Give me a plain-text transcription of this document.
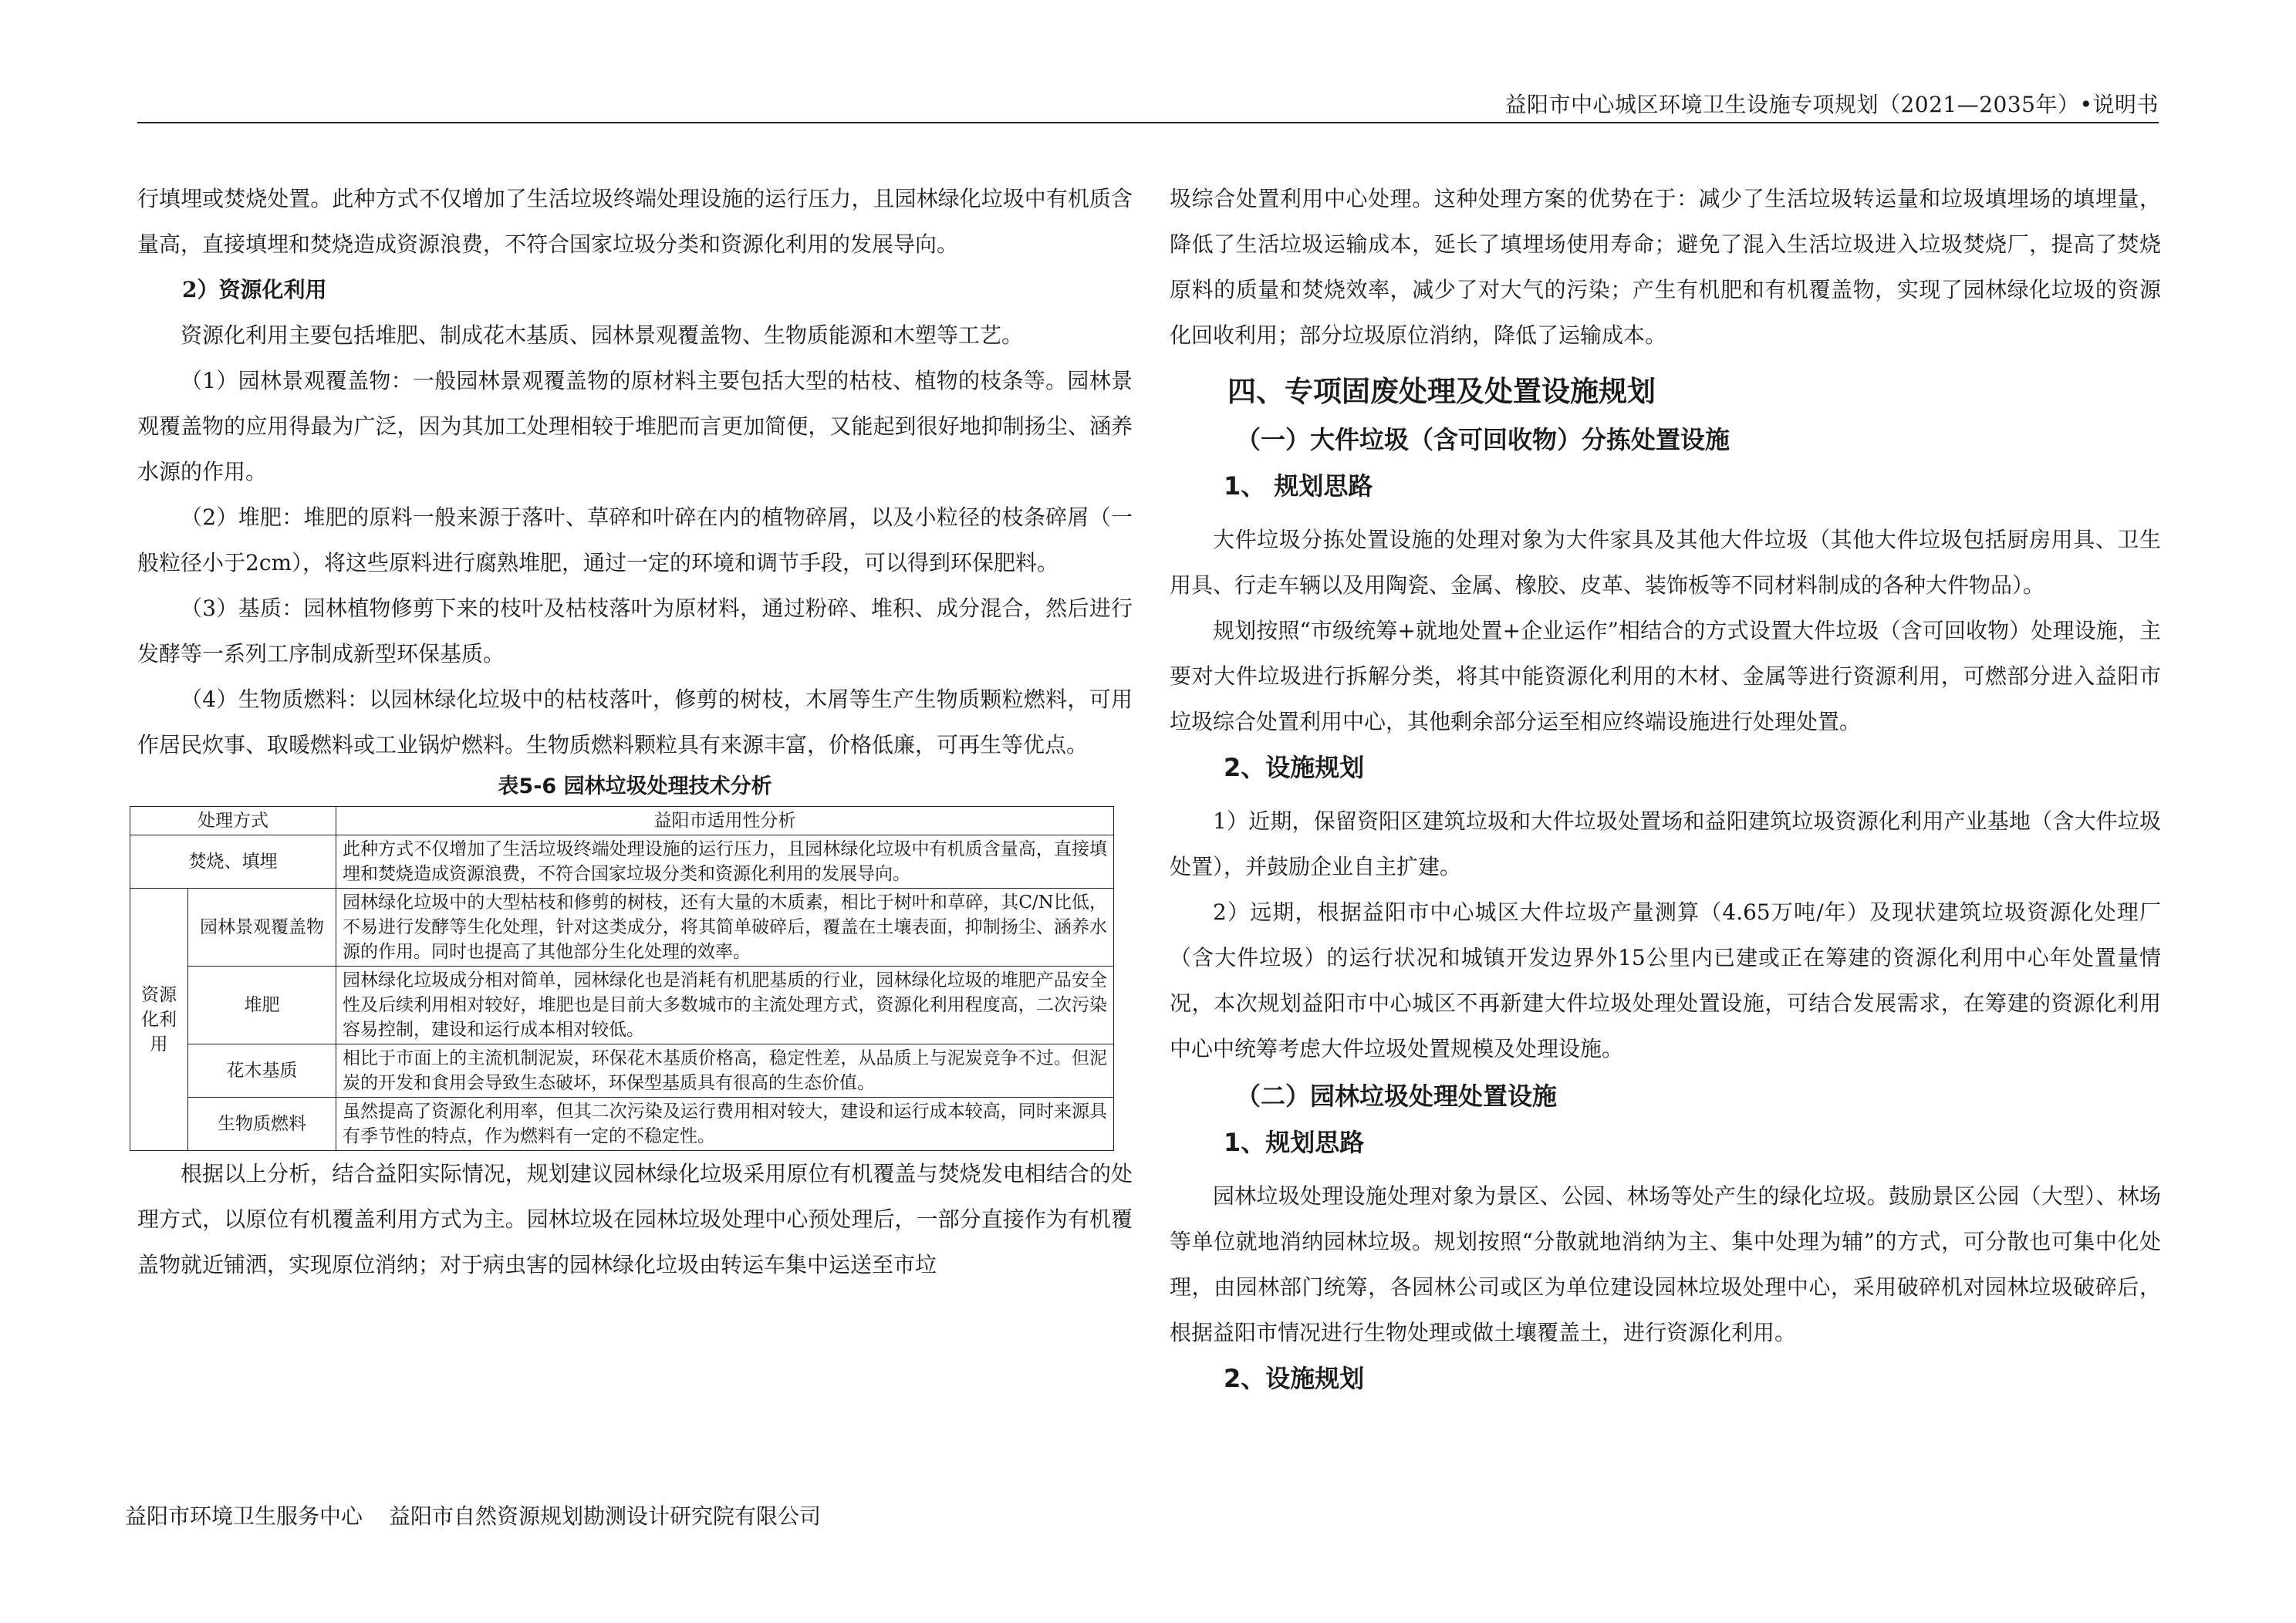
益阳市中心城区环境卫生设施专项规划（2021—2035年）•说明书

行填埋或焚烧处置。此种方式不仅增加了生活垃圾终端处理设施的运行压力，且园林绿化垃圾中有机质含量高，直接填埋和焚烧造成资源浪费，不符合国家垃圾分类和资源化利用的发展导向。

2）资源化利用

资源化利用主要包括堆肥、制成花木基质、园林景观覆盖物、生物质能源和木塑等工艺。

（1）园林景观覆盖物：一般园林景观覆盖物的原材料主要包括大型的枯枝、植物的枝条等。园林景观覆盖物的应用得最为广泛，因为其加工处理相较于堆肥而言更加简便，又能起到很好地抑制扬尘、涵养水源的作用。

（2）堆肥：堆肥的原料一般来源于落叶、草碎和叶碎在内的植物碎屑，以及小粒径的枝条碎屑（一般粒径小于2cm），将这些原料进行腐熟堆肥，通过一定的环境和调节手段，可以得到环保肥料。

（3）基质：园林植物修剪下来的枝叶及枯枝落叶为原材料，通过粉碎、堆积、成分混合，然后进行发酵等一系列工序制成新型环保基质。

（4）生物质燃料：以园林绿化垃圾中的枯枝落叶，修剪的树枝，木屑等生产生物质颗粒燃料，可用作居民炊事、取暖燃料或工业锅炉燃料。生物质燃料颗粒具有来源丰富，价格低廉，可再生等优点。

表5-6 园林垃圾处理技术分析
处理方式		益阳市适用性分析
焚烧、填埋		此种方式不仅增加了生活垃圾终端处理设施的运行压力，且园林绿化垃圾中有机质含量高，直接填埋和焚烧造成资源浪费，不符合国家垃圾分类和资源化利用的发展导向。
资源化利用	园林景观覆盖物	园林绿化垃圾中的大型枯枝和修剪的树枝，还有大量的木质素，相比于树叶和草碎，其C/N比低，不易进行发酵等生化处理，针对这类成分，将其简单破碎后，覆盖在土壤表面，抑制扬尘、涵养水源的作用。同时也提高了其他部分生化处理的效率。
	堆肥	园林绿化垃圾成分相对简单，园林绿化也是消耗有机肥基质的行业，园林绿化垃圾的堆肥产品安全性及后续利用相对较好，堆肥也是目前大多数城市的主流处理方式，资源化利用程度高，二次污染容易控制，建设和运行成本相对较低。
	花木基质	相比于市面上的主流机制泥炭，环保花木基质价格高，稳定性差，从品质上与泥炭竞争不过。但泥炭的开发和食用会导致生态破坏，环保型基质具有很高的生态价值。
	生物质燃料	虽然提高了资源化利用率，但其二次污染及运行费用相对较大，建设和运行成本较高，同时来源具有季节性的特点，作为燃料有一定的不稳定性。

根据以上分析，结合益阳实际情况，规划建议园林绿化垃圾采用原位有机覆盖与焚烧发电相结合的处理方式，以原位有机覆盖利用方式为主。园林垃圾在园林垃圾处理中心预处理后，一部分直接作为有机覆盖物就近铺洒，实现原位消纳；对于病虫害的园林绿化垃圾由转运车集中运送至市垃

圾综合处置利用中心处理。这种处理方案的优势在于：减少了生活垃圾转运量和垃圾填埋场的填埋量，降低了生活垃圾运输成本，延长了填埋场使用寿命；避免了混入生活垃圾进入垃圾焚烧厂，提高了焚烧原料的质量和焚烧效率，减少了对大气的污染；产生有机肥和有机覆盖物，实现了园林绿化垃圾的资源化回收利用；部分垃圾原位消纳，降低了运输成本。

四、专项固废处理及处置设施规划
（一）大件垃圾（含可回收物）分拣处置设施
1、 规划思路

大件垃圾分拣处置设施的处理对象为大件家具及其他大件垃圾（其他大件垃圾包括厨房用具、卫生用具、行走车辆以及用陶瓷、金属、橡胶、皮革、装饰板等不同材料制成的各种大件物品）。

规划按照“市级统筹+就地处置+企业运作”相结合的方式设置大件垃圾（含可回收物）处理设施，主要对大件垃圾进行拆解分类，将其中能资源化利用的木材、金属等进行资源利用，可燃部分进入益阳市垃圾综合处置利用中心，其他剩余部分运至相应终端设施进行处理处置。

2、设施规划

1）近期，保留资阳区建筑垃圾和大件垃圾处置场和益阳建筑垃圾资源化利用产业基地（含大件垃圾处置），并鼓励企业自主扩建。

2）远期，根据益阳市中心城区大件垃圾产量测算（4.65万吨/年）及现状建筑垃圾资源化处理厂（含大件垃圾）的运行状况和城镇开发边界外15公里内已建或正在筹建的资源化利用中心年处置量情况，本次规划益阳市中心城区不再新建大件垃圾处理处置设施，可结合发展需求，在筹建的资源化利用中心中统筹考虑大件垃圾处置规模及处理设施。

（二）园林垃圾处理处置设施
1、规划思路

园林垃圾处理设施处理对象为景区、公园、林场等处产生的绿化垃圾。鼓励景区公园（大型）、林场等单位就地消纳园林垃圾。规划按照“分散就地消纳为主、集中处理为辅”的方式，可分散也可集中化处理，由园林部门统筹，各园林公司或区为单位建设园林垃圾处理中心，采用破碎机对园林垃圾破碎后，根据益阳市情况进行生物处理或做土壤覆盖土，进行资源化利用。

2、设施规划
益阳市环境卫生服务中心 益阳市自然资源规划勘测设计研究院有限公司
